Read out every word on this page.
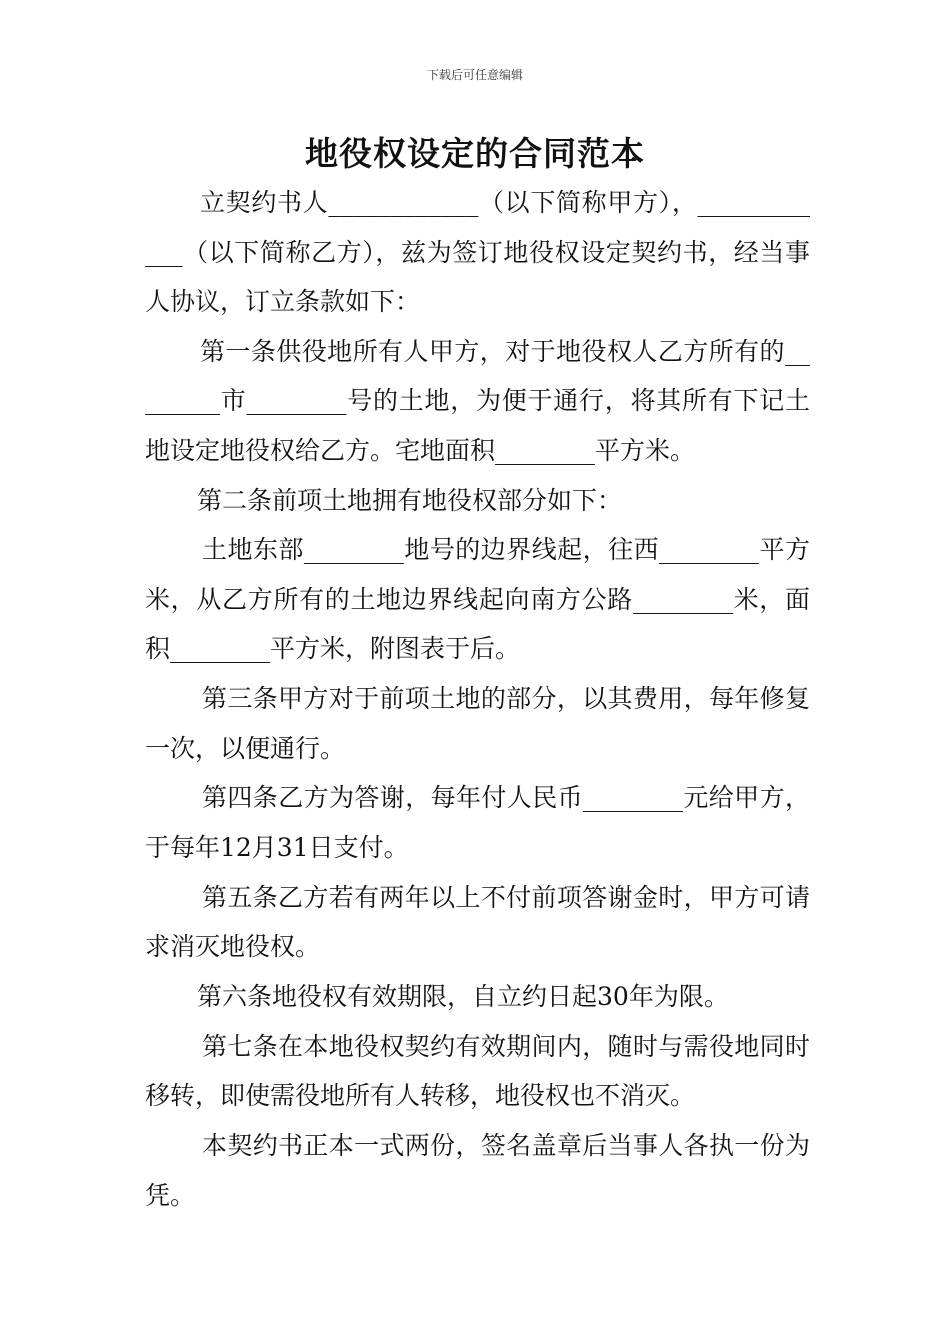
下载后可任意编辑
地役权设定的合同范本

立契约书人____________（以下简称甲方），____________（以下简称乙方），兹为签订地役权设定契约书，经当事人协议，订立条款如下：

第一条供役地所有人甲方，对于地役权人乙方所有的________市________号的土地，为便于通行，将其所有下记土地设定地役权给乙方。宅地面积________平方米。

第二条前项土地拥有地役权部分如下：

土地东部________地号的边界线起，往西________平方米，从乙方所有的土地边界线起向南方公路________米，面积________平方米，附图表于后。

第三条甲方对于前项土地的部分，以其费用，每年修复一次，以便通行。

第四条乙方为答谢，每年付人民币________元给甲方，于每年12月31日支付。

第五条乙方若有两年以上不付前项答谢金时，甲方可请求消灭地役权。

第六条地役权有效期限，自立约日起30年为限。

第七条在本地役权契约有效期间内，随时与需役地同时移转，即使需役地所有人转移，地役权也不消灭。

本契约书正本一式两份，签名盖章后当事人各执一份为凭。
